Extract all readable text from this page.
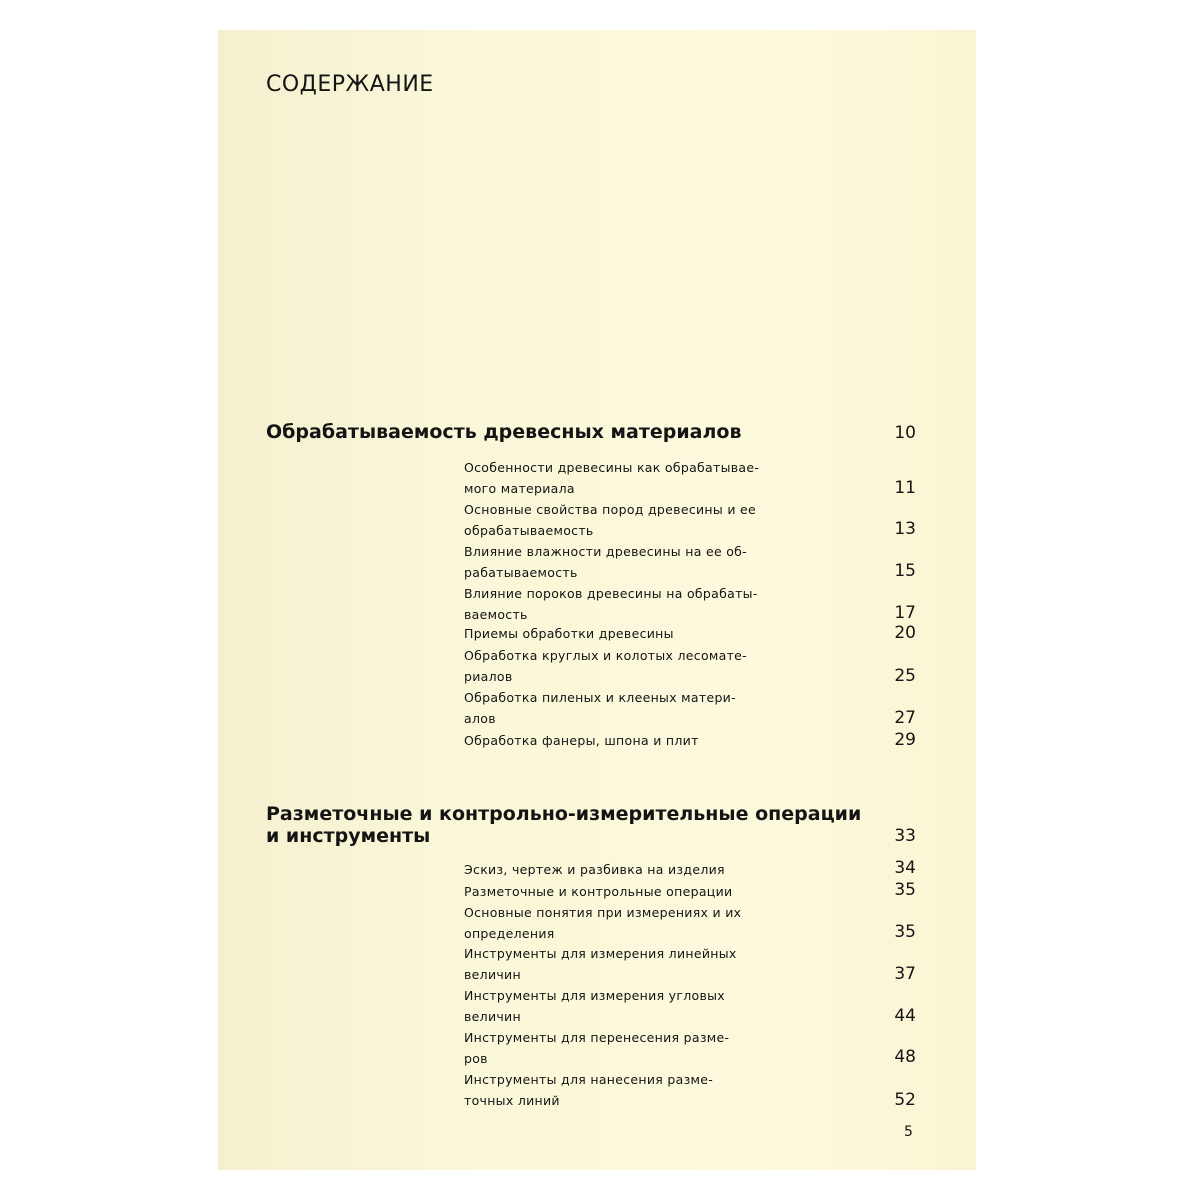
СОДЕРЖАНИЕ
Обрабатываемость древесных материалов	10
Особенности древесины как обрабатывае-
мого материала	11
Основные свойства пород древесины и ее
обрабатываемость	13
Влияние влажности древесины на ее об-
рабатываемость	15
Влияние пороков древесины на обрабаты-
ваемость	17
Приемы обработки древесины	20
Обработка круглых и колотых лесомате-
риалов	25
Обработка пиленых и клееных матери-
алов	27
Обработка фанеры, шпона и плит	29
Разметочные и контрольно-измерительные операции
и инструменты	33
Эскиз, чертеж и разбивка на изделия	34
Разметочные и контрольные операции	35
Основные понятия при измерениях и их
определения	35
Инструменты для измерения линейных
величин	37
Инструменты для измерения угловых
величин	44
Инструменты для перенесения разме-
ров	48
Инструменты для нанесения разме-
точных линий	52
5
